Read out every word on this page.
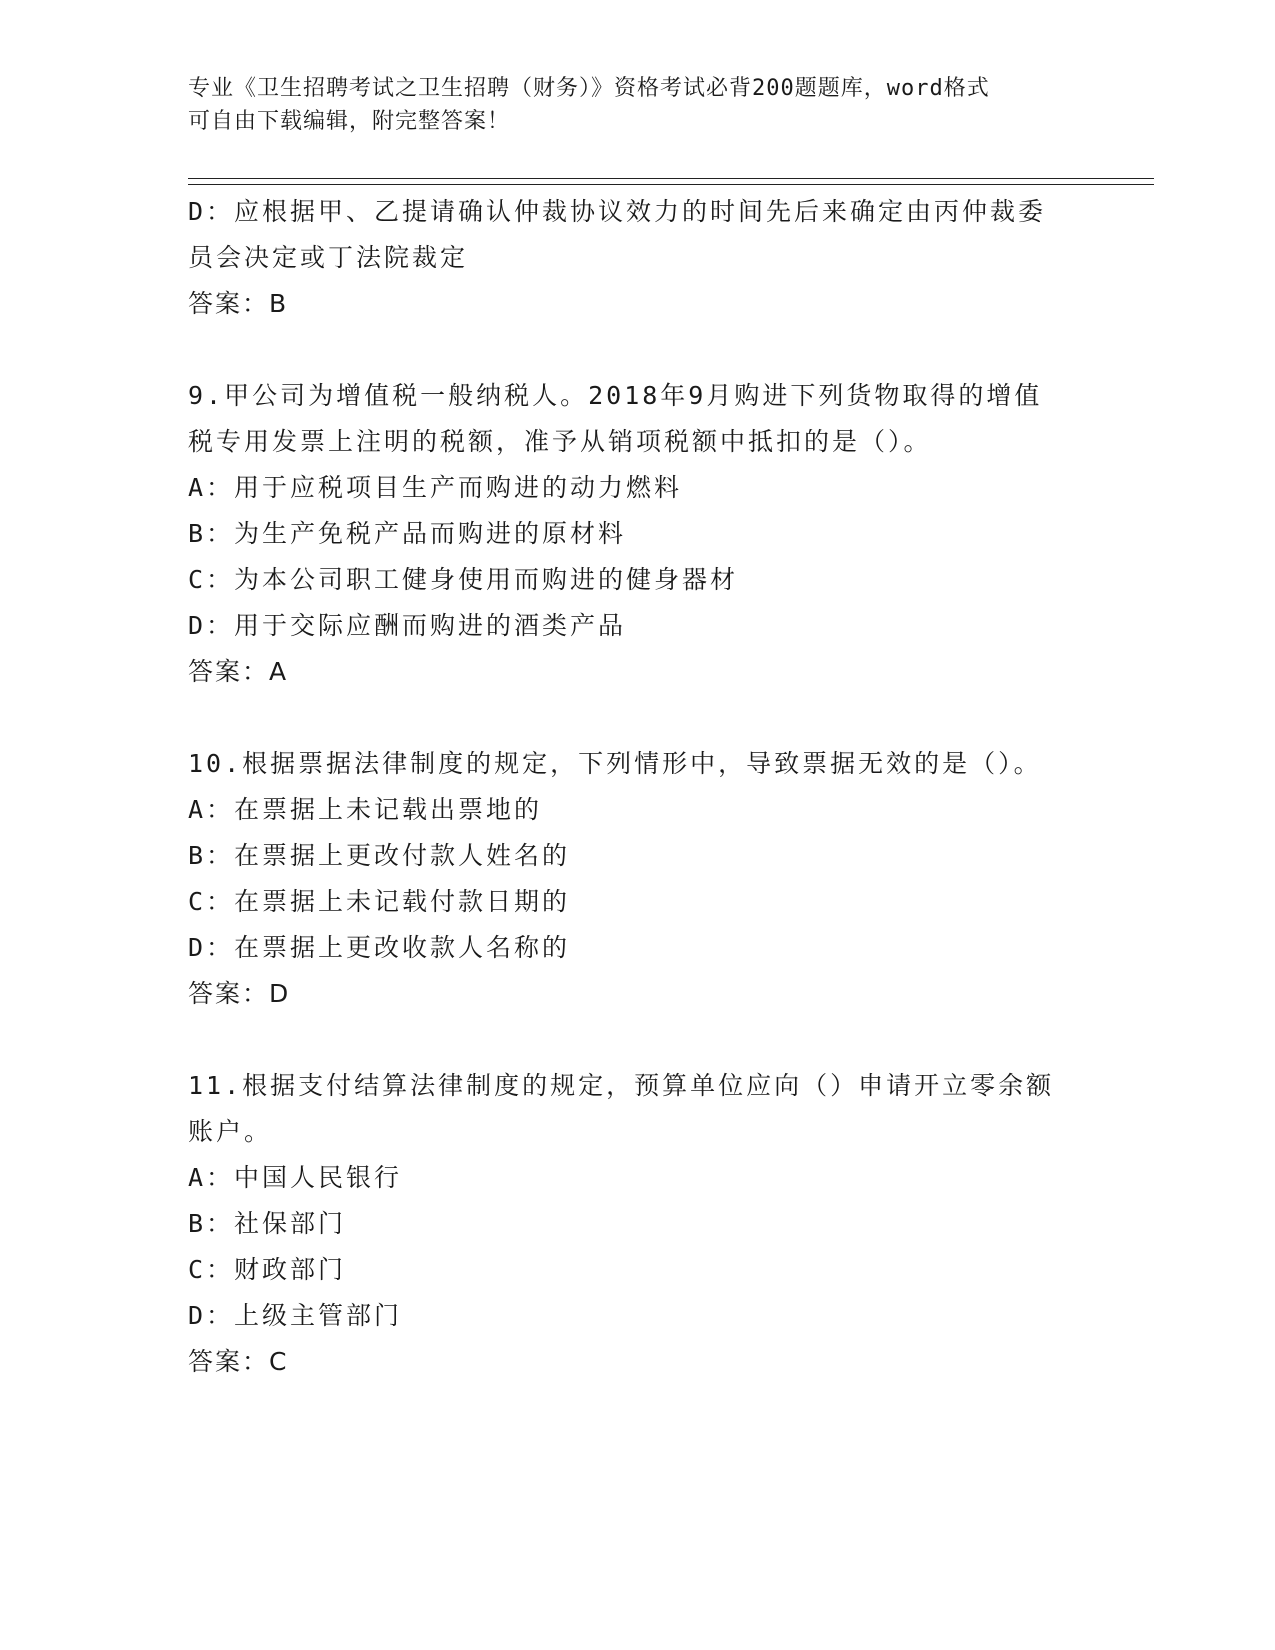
专业《卫生招聘考试之卫生招聘（财务）》资格考试必背200题题库，word格式
可自由下载编辑，附完整答案！
D：应根据甲、乙提请确认仲裁协议效力的时间先后来确定由丙仲裁委
员会决定或丁法院裁定
答案：B
9.甲公司为增值税一般纳税人。2018年9月购进下列货物取得的增值
税专用发票上注明的税额，准予从销项税额中抵扣的是（）。
A：用于应税项目生产而购进的动力燃料
B：为生产免税产品而购进的原材料
C：为本公司职工健身使用而购进的健身器材
D：用于交际应酬而购进的酒类产品
答案：A
10.根据票据法律制度的规定，下列情形中，导致票据无效的是（）。
A：在票据上未记载出票地的
B：在票据上更改付款人姓名的
C：在票据上未记载付款日期的
D：在票据上更改收款人名称的
答案：D
11.根据支付结算法律制度的规定，预算单位应向（）申请开立零余额
账户。
A：中国人民银行
B：社保部门
C：财政部门
D：上级主管部门
答案：C
